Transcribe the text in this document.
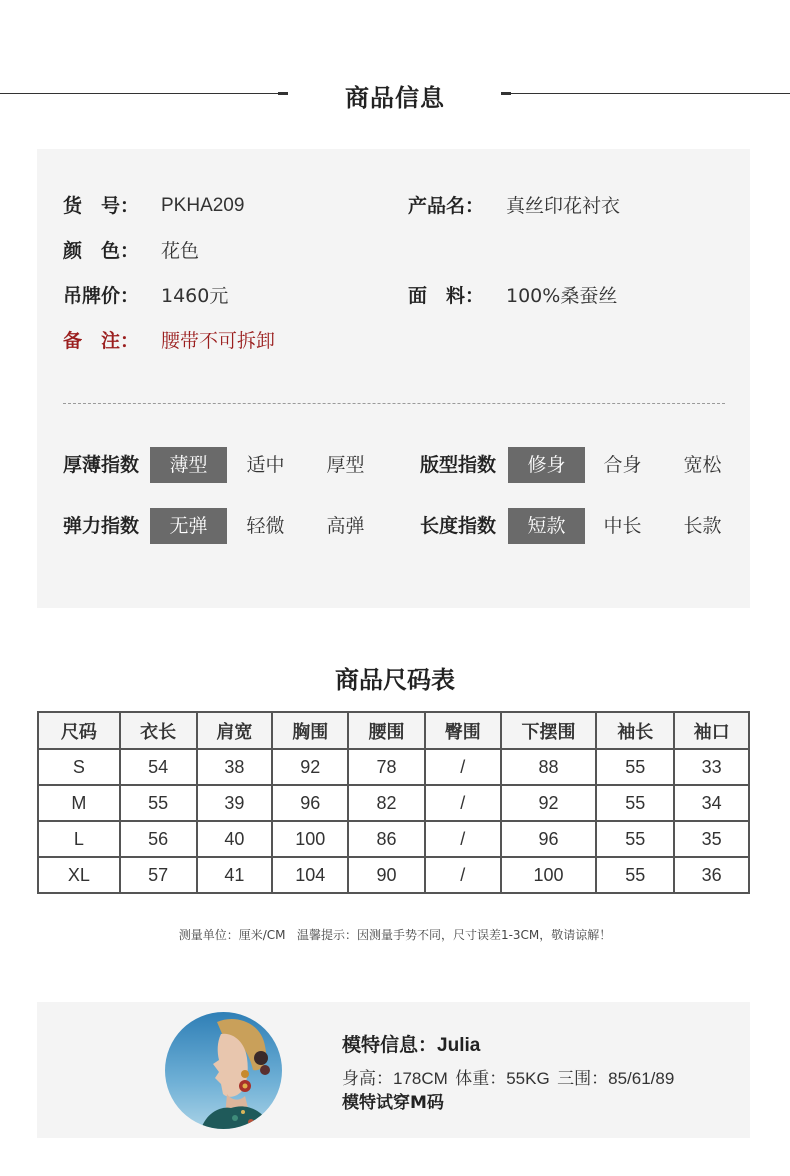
商品信息
货　号： PKHA209	产品名： 真丝印花衬衣
颜　色： 花色
吊牌价： 1460元	面　料： 100%桑蚕丝
备　注： 腰带不可拆卸
厚薄指数	薄型	适中	厚型	版型指数	修身	合身	宽松
弹力指数	无弹	轻微	高弹	长度指数	短款	中长	长款
商品尺码表
尺码	衣长	肩宽	胸围	腰围	臀围	下摆围	袖长	袖口
S	54	38	92	78	/	88	55	33
M	55	39	96	82	/	92	55	34
L	56	40	100	86	/	96	55	35
XL	57	41	104	90	/	100	55	36
测量单位：厘米/CM   温馨提示：因测量手势不同，尺寸误差1-3CM，敬请谅解！
模特信息：Julia
身高：178CM 体重：55KG 三围：85/61/89
模特试穿M码
